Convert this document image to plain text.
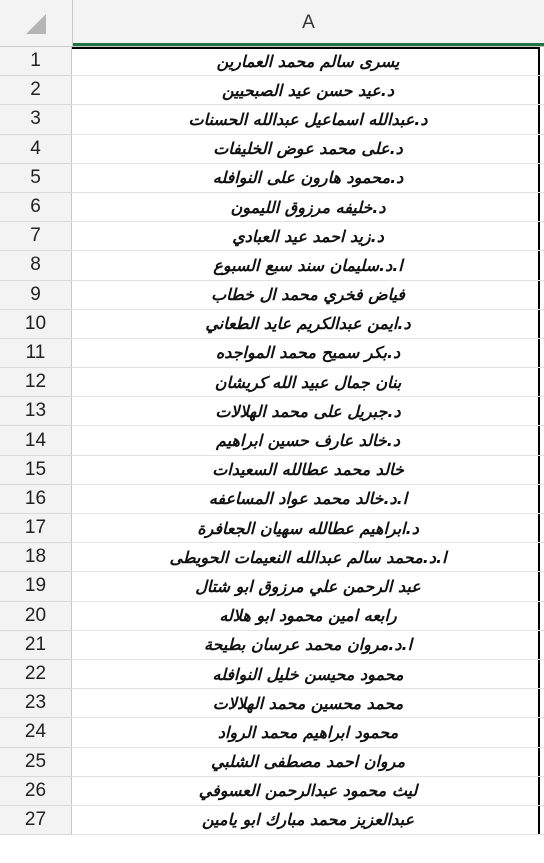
A
1	يسرى سالم محمد العمارين
2	د.عيد حسن عيد الصبحيين
3	د.عبدالله اسماعيل عبدالله الحسنات
4	د.على محمد عوض الخليفات
5	د.محمود هارون على النوافله
6	د.خليفه مرزوق الليمون
7	د.زيد احمد عيد العبادي
8	ا.د.سليمان سند سبع السبوع
9	فياض فخري محمد ال خطاب
10	د.ايمن عبدالكريم عايد الطعاني
11	د.بكر سميح محمد المواجده
12	بنان جمال عبيد الله كريشان
13	د.جبريل على محمد الهلالات
14	د.خالد عارف حسين ابراهيم
15	خالد محمد عطالله السعيدات
16	ا.د.خالد محمد عواد المساعفه
17	د.ابراهيم عطالله سهيان الجعافرة
18	ا.د.محمد سالم عبدالله النعيمات الحويطى
19	عبد الرحمن علي مرزوق ابو شتال
20	رابعه امين محمود ابو هلاله
21	ا.د.مروان محمد عرسان بطيحة
22	محمود محيسن خليل النوافله
23	محمد محسين محمد الهلالات
24	محمود ابراهيم محمد الرواد
25	مروان احمد مصطفى الشلبي
26	ليث محمود عبدالرحمن العسوفي
27	عبدالعزيز محمد مبارك ابو يامين
